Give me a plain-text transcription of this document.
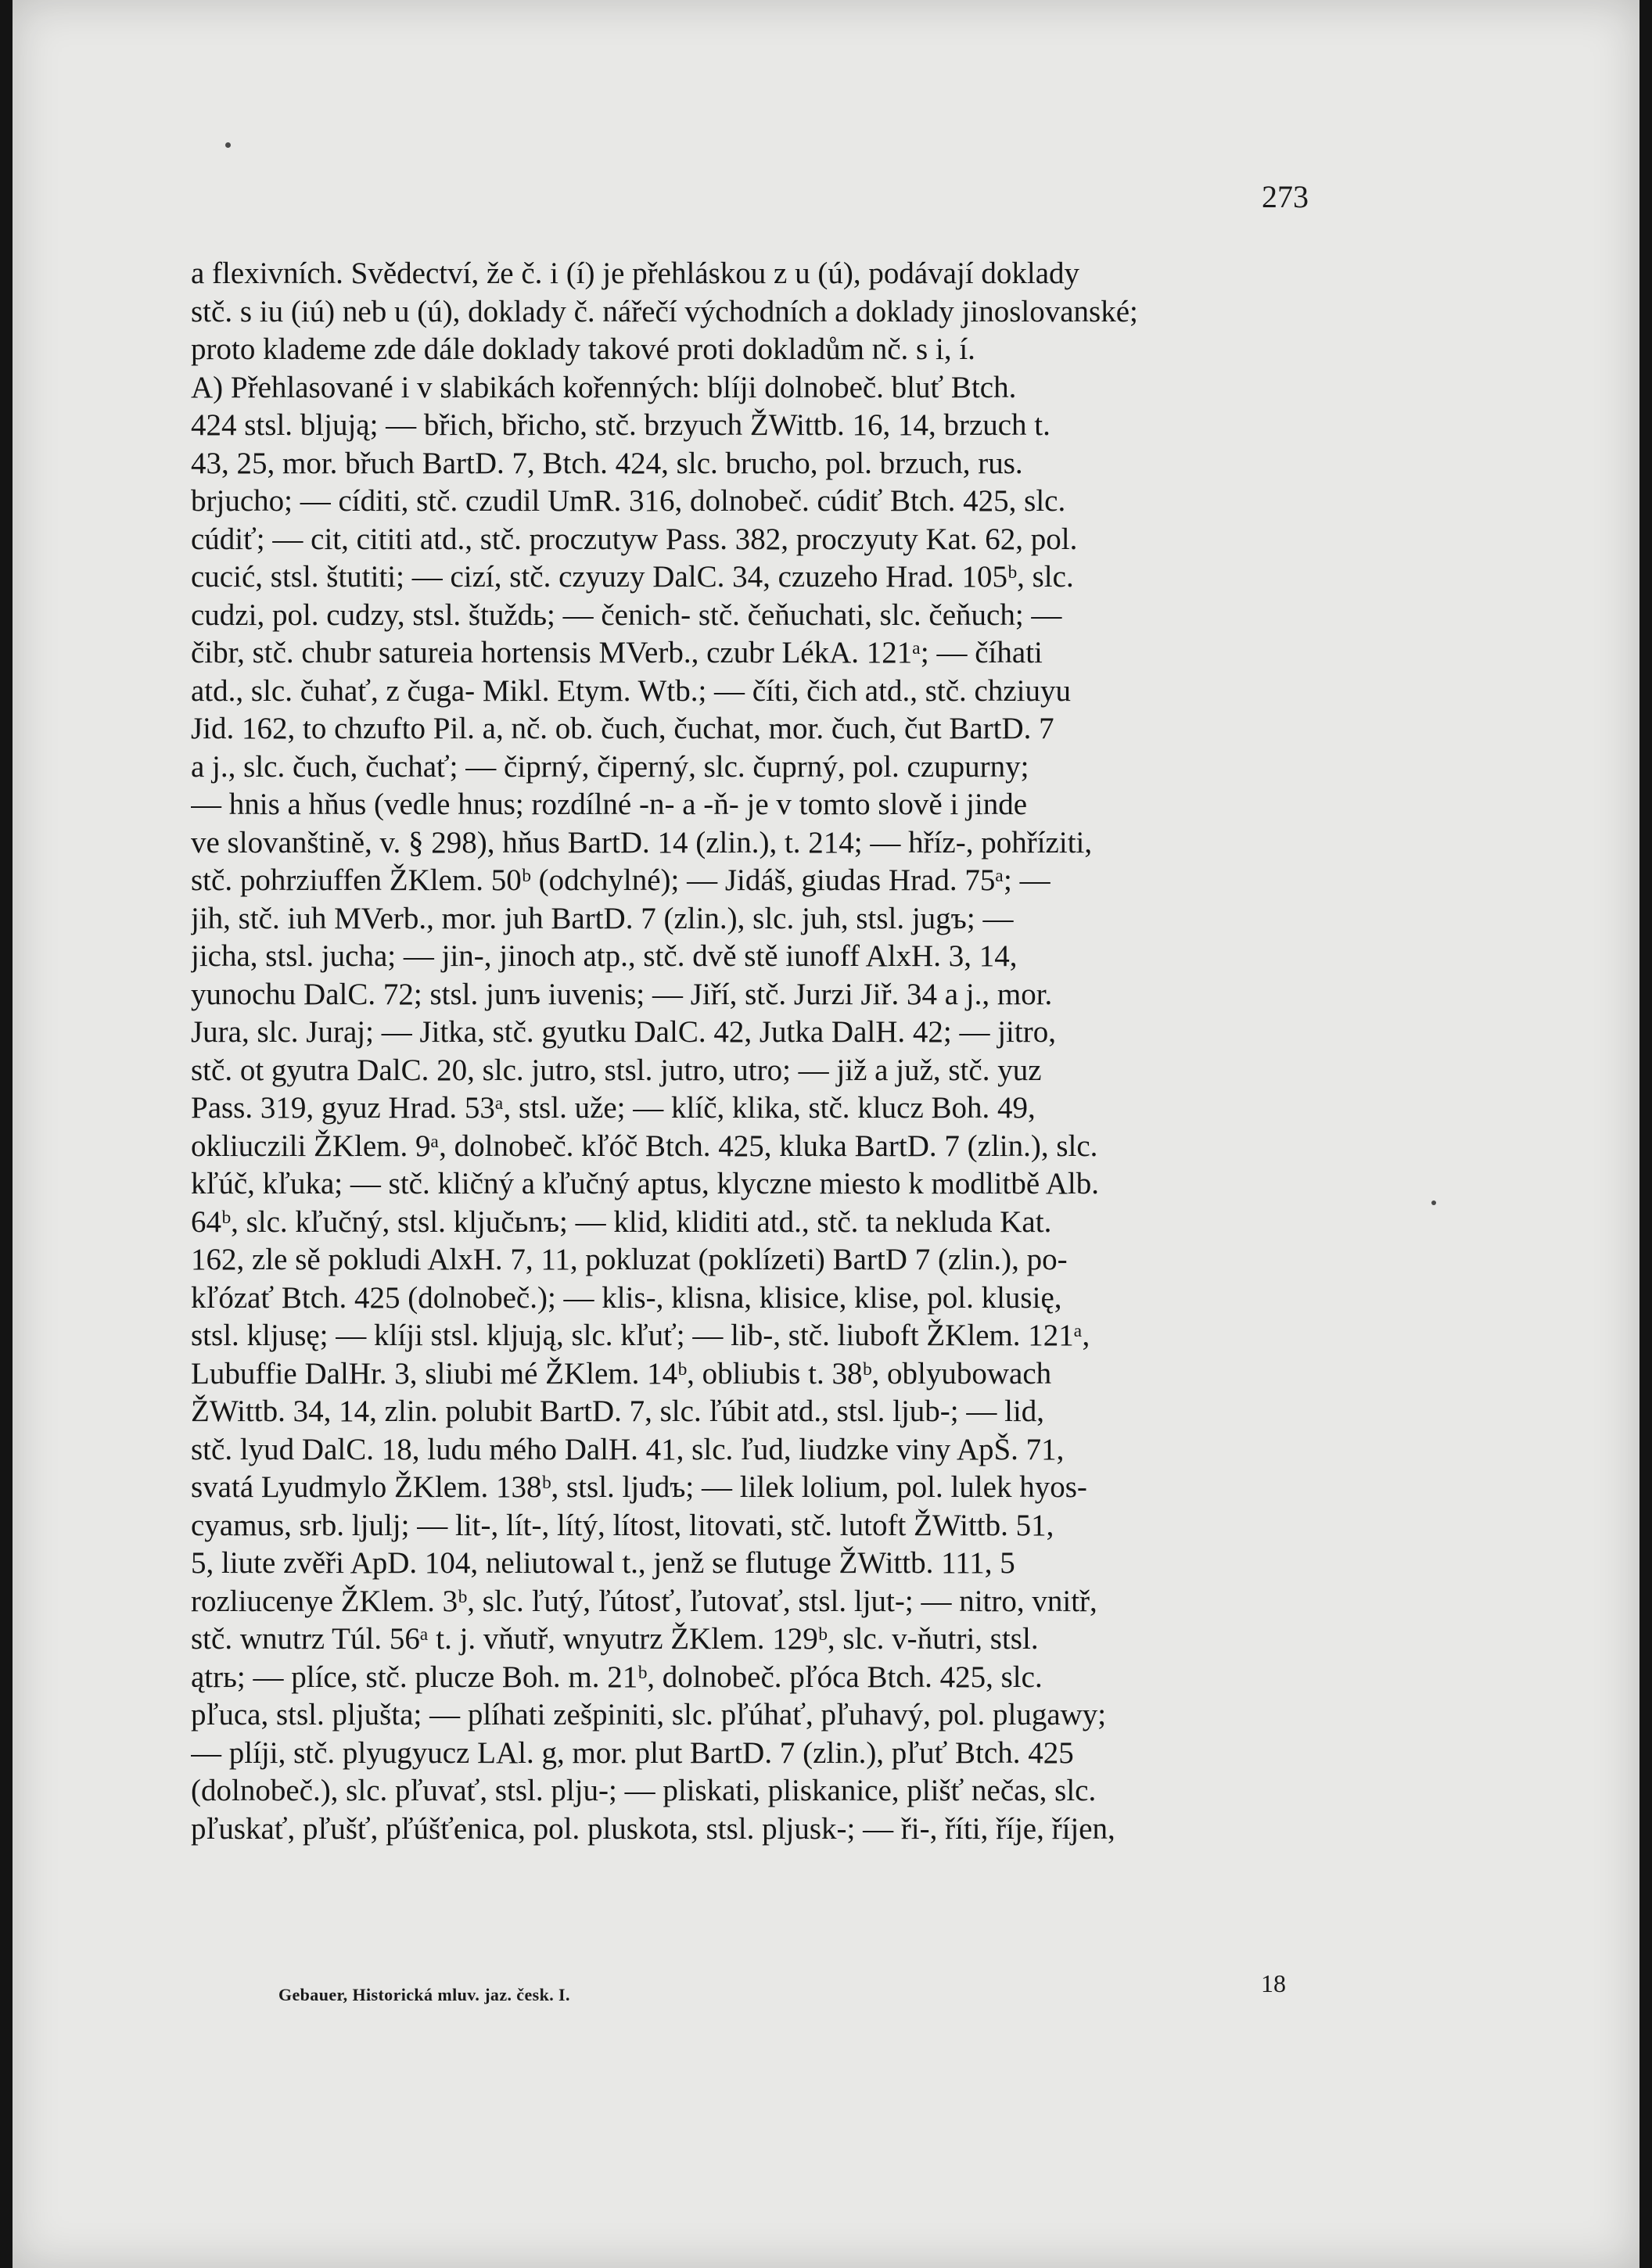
273
a flexivních. Svědectví, že č. i (í) je přehláskou z u (ú), podávají doklady
stč. s iu (iú) neb u (ú), doklady č. nářečí východních a doklady jinoslovanské;
proto klademe zde dále doklady takové proti dokladům nč. s i, í.
A) Přehlasované i v slabikách kořenných: blíji dolnobeč. bluť Btch.
424 stsl. bljują; — břich, břicho, stč. brzyuch ŽWittb. 16, 14, brzuch t.
43, 25, mor. břuch BartD. 7, Btch. 424, slc. brucho, pol. brzuch, rus.
brjucho; — cíditi, stč. czudil UmR. 316, dolnobeč. cúdiť Btch. 425, slc.
cúdiť; — cit, cititi atd., stč. proczutyw Pass. 382, proczyuty Kat. 62, pol.
cucić, stsl. štutiti; — cizí, stč. czyuzy DalC. 34, czuzeho Hrad. 105ᵇ, slc.
cudzi, pol. cudzy, stsl. štuždь; — čenich- stč. čeňuchati, slc. čeňuch; —
čibr, stč. chubr satureia hortensis MVerb., czubr LékA. 121ᵃ; — číhati
atd., slc. čuhať, z čuga- Mikl. Etym. Wtb.; — číti, čich atd., stč. chziuyu
Jid. 162, to chzufto Pil. a, nč. ob. čuch, čuchat, mor. čuch, čut BartD. 7
a j., slc. čuch, čuchať; — čiprný, čiperný, slc. čuprný, pol. czupurny;
— hnis a hňus (vedle hnus; rozdílné -n- a -ň- je v tomto slově i jinde
ve slovanštině, v. § 298), hňus BartD. 14 (zlin.), t. 214; — hříz-, pohříziti,
stč. pohrziuffen ŽKlem. 50ᵇ (odchylné); — Jidáš, giudas Hrad. 75ᵃ; —
jih, stč. iuh MVerb., mor. juh BartD. 7 (zlin.), slc. juh, stsl. jugъ; —
jicha, stsl. jucha; — jin-, jinoch atp., stč. dvě stě iunoff AlxH. 3, 14,
yunochu DalC. 72; stsl. junъ iuvenis; — Jiří, stč. Jurzi Jiř. 34 a j., mor.
Jura, slc. Juraj; — Jitka, stč. gyutku DalC. 42, Jutka DalH. 42; — jitro,
stč. ot gyutra DalC. 20, slc. jutro, stsl. jutro, utro; — již a juž, stč. yuz
Pass. 319, gyuz Hrad. 53ᵃ, stsl. uže; — klíč, klika, stč. klucz Boh. 49,
okliuczili ŽKlem. 9ᵃ, dolnobeč. kľóč Btch. 425, kluka BartD. 7 (zlin.), slc.
kľúč, kľuka; — stč. kličný a kľučný aptus, klyczne miesto k modlitbě Alb.
64ᵇ, slc. kľučný, stsl. ključьnъ; — klid, kliditi atd., stč. ta nekluda Kat.
162, zle sě pokludi AlxH. 7, 11, pokluzat (poklízeti) BartD 7 (zlin.), po-
kľózať Btch. 425 (dolnobeč.); — klis-, klisna, klisice, klise, pol. klusię,
stsl. kljusę; — klíji stsl. kljują, slc. kľuť; — lib-, stč. liuboft ŽKlem. 121ᵃ,
Lubuffie DalHr. 3, sliubi mé ŽKlem. 14ᵇ, obliubis t. 38ᵇ, oblyubowach
ŽWittb. 34, 14, zlin. polubit BartD. 7, slc. ľúbit atd., stsl. ljub-; — lid,
stč. lyud DalC. 18, ludu mého DalH. 41, slc. ľud, liudzke viny ApŠ. 71,
svatá Lyudmylo ŽKlem. 138ᵇ, stsl. ljudъ; — lilek lolium, pol. lulek hyos-
cyamus, srb. ljulj; — lit-, lít-, lítý, lítost, litovati, stč. lutoft ŽWittb. 51,
5, liute zvěři ApD. 104, neliutowal t., jenž se flutuge ŽWittb. 111, 5
rozliucenye ŽKlem. 3ᵇ, slc. ľutý, ľútosť, ľutovať, stsl. ljut-; — nitro, vnitř,
stč. wnutrz Túl. 56ᵃ t. j. vňutř, wnyutrz ŽKlem. 129ᵇ, slc. v-ňutri, stsl.
ątrь; — plíce, stč. plucze Boh. m. 21ᵇ, dolnobeč. pľóca Btch. 425, slc.
pľuca, stsl. pljušta; — plíhati zešpiniti, slc. pľúhať, pľuhavý, pol. plugawy;
— plíji, stč. plyugyucz LAl. g, mor. plut BartD. 7 (zlin.), pľuť Btch. 425
(dolnobeč.), slc. pľuvať, stsl. plju-; — pliskati, pliskanice, plišť nečas, slc.
pľuskať, pľušť, pľúšťenica, pol. pluskota, stsl. pljusk-; — ři-, říti, říje, říjen,
Gebauer, Historická mluv. jaz. česk. I.	18
